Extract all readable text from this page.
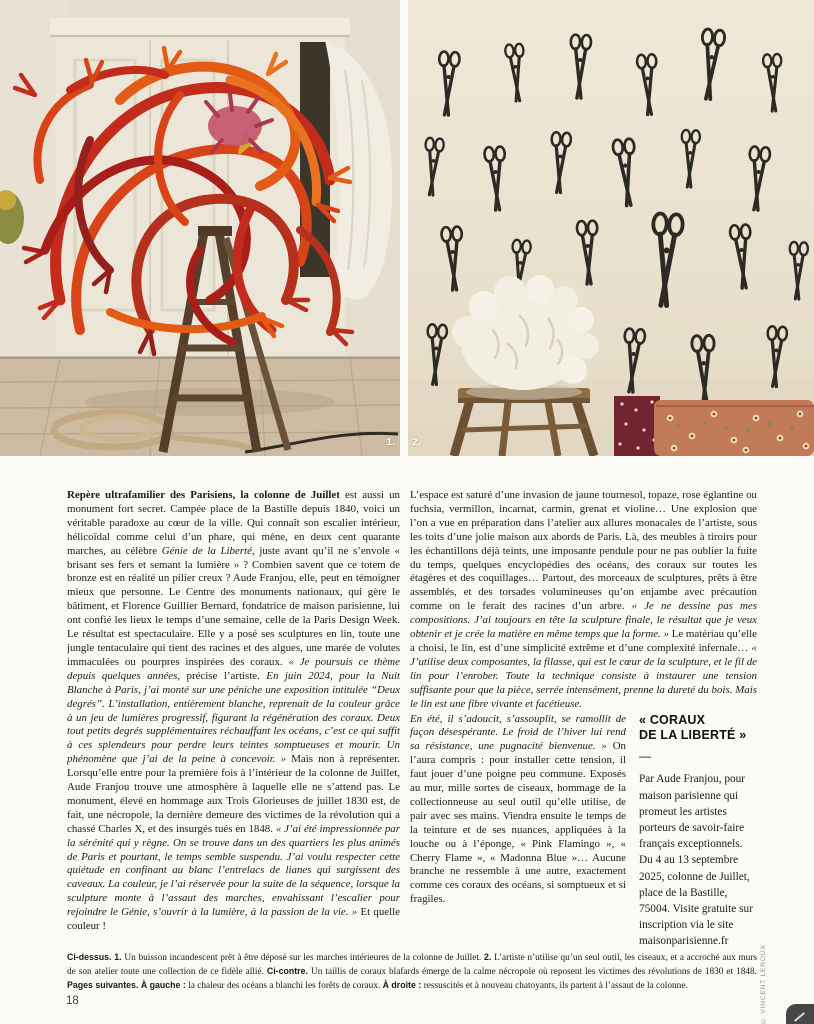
1. 2.
Repère ultrafamilier des Parisiens, la colonne de Juillet est aussi un monument fort secret. Campée place de la Bastille depuis 1840, voici un véritable paradoxe au cœur de la ville. Qui connaît son escalier intérieur, hélicoïdal comme celui d’un phare, qui mène, en deux cent quarante marches, au célèbre Génie de la Liberté, juste avant qu’il ne s’envole « brisant ses fers et semant la lumière » ? Combien savent que ce totem de bronze est en réalité un pilier creux ? Aude Franjou, elle, peut en témoigner mieux que personne. Le Centre des monuments nationaux, qui gère le bâtiment, et Florence Guillier Bernard, fondatrice de maison parisienne, lui ont confié les lieux le temps d’une semaine, celle de la Paris Design Week. Le résultat est spectaculaire. Elle y a posé ses sculptures en lin, toute une jungle tentaculaire qui tient des racines et des algues, une marée de volutes immaculées ou pourpres inspirées des coraux. « Je poursuis ce thème depuis quelques années, précise l’artiste. En juin 2024, pour la Nuit Blanche à Paris, j’ai monté sur une péniche une exposition intitulée “Deux degrés”. L’installation, entièrement blanche, reprenait de la couleur grâce à un jeu de lumières progressif, figurant la régénération des coraux. Deux tout petits degrés supplémentaires réchauffant les océans, c’est ce qui suffit à ces splendeurs pour perdre leurs teintes somptueuses et mourir. Un phénomène que j’ai de la peine à concevoir. » Mais non à représenter. Lorsqu’elle entre pour la première fois à l’intérieur de la colonne de Juillet, Aude Franjou trouve une atmosphère à laquelle elle ne s’attend pas. Le monument, élevé en hommage aux Trois Glorieuses de juillet 1830 est, de fait, une nécropole, la dernière demeure des victimes de la révolution qui a chassé Charles X, et des insurgés tués en 1848. « J’ai été impressionnée par la sérénité qui y règne. On se trouve dans un des quartiers les plus animés de Paris et pourtant, le temps semble suspendu. J’ai voulu respecter cette quiétude en confinant au blanc l’entrelacs de lianes qui surgissent des caveaux. La couleur, je l’ai réservée pour la suite de la séquence, lorsque la sculpture monte à l’assaut des marches, envahissant l’escalier pour rejoindre le Génie, s’ouvrir à la lumière, à la passion de la vie. » Et quelle couleur !
L’espace est saturé d’une invasion de jaune tournesol, topaze, rose églantine ou fuchsia, vermillon, incarnat, carmin, grenat et violine… Une explosion que l’on a vue en préparation dans l’atelier aux allures monacales de l’artiste, sous les toits d’une jolie maison aux abords de Paris. Là, des meubles à tiroirs pour les échantillons déjà teints, une imposante pendule pour ne pas oublier la fuite du temps, quelques encyclopédies des océans, des coraux sur toutes les étagères et des coquillages… Partout, des morceaux de sculptures, prêts à être assemblés, et des torsades volumineuses qu’on enjambe avec précaution comme on le ferait des racines d’un arbre. « Je ne dessine pas mes compositions. J’ai toujours en tête la sculpture finale, le résultat que je veux obtenir et je crée la matière en même temps que la forme. » Le matériau qu’elle a choisi, le lin, est d’une simplicité extrême et d’une complexité infernale… « J’utilise deux composantes, la filasse, qui est le cœur de la sculpture, et le fil de lin pour l’enrober. Toute la technique consiste à instaurer une tension suffisante pour que la pièce, serrée intensément, prenne la dureté du bois. Mais le lin est une fibre vivante et facétieuse.
En été, il s’adoucit, s’assouplit, se ramollit de façon désespérante. Le froid de l’hiver lui rend sa résistance, une pugnacité bienvenue. » On l’aura compris : pour installer cette tension, il faut jouer d’une poigne peu commune. Exposés au mur, mille sortes de ciseaux, hommage de la collectionneuse au seul outil qu’elle utilise, de pair avec ses mains. Viendra ensuite le temps de la teinture et de ses nuances, appliquées à la louche ou à l’éponge, « Pink Flamingo », « Cherry Flame », « Madonna Blue »… Aucune branche ne ressemble à une autre, exactement comme ces coraux des océans, si somptueux et si fragiles.
« CORAUX
DE LA LIBERTÉ »
—
Par Aude Franjou, pour maison parisienne qui promeut les artistes porteurs de savoir-faire français exceptionnels. Du 4 au 13 septembre 2025, colonne de Juillet, place de la Bastille, 75004. Visite gratuite sur inscription via le site maisonparisienne.fr
Ci-dessus. 1. Un buisson incandescent prêt à être déposé sur les marches intérieures de la colonne de Juillet. 2. L’artiste n’utilise qu’un seul outil, les ciseaux, et a accroché aux murs de son atelier toute une collection de ce fidèle allié. Ci-contre. Un taillis de coraux blafards émerge de la calme nécropole où reposent les victimes des révolutions de 1830 et 1848. Pages suivantes. À gauche : la chaleur des océans a blanchi les forêts de coraux. À droite : ressuscités et à nouveau chatoyants, ils partent à l’assaut de la colonne.
18	© VINCENT LEROUX
